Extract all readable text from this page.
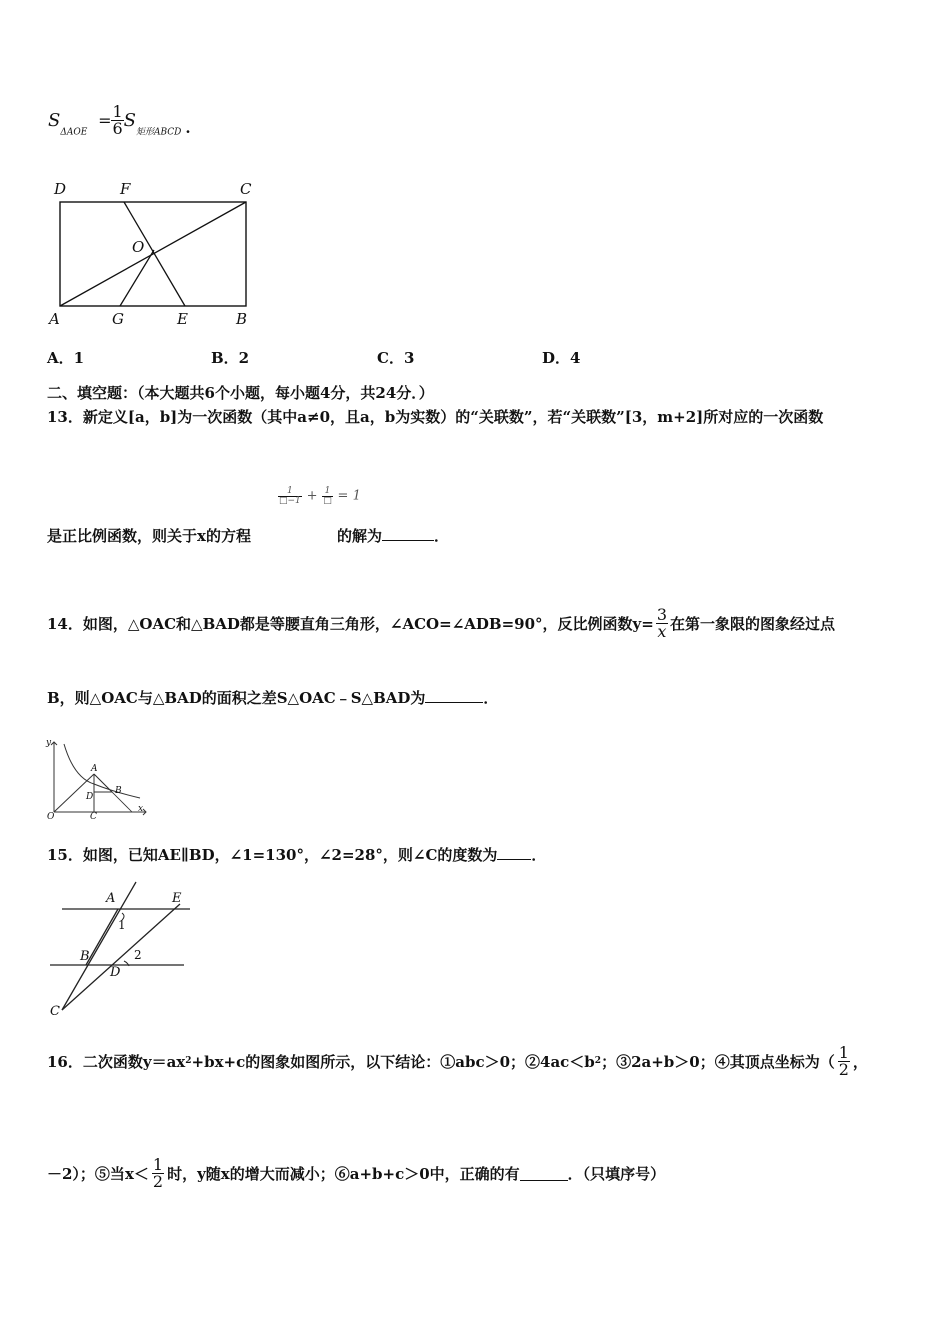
$S_{\Delta AOE} = \frac{1}{6} S_{矩形ABCD}$ .
D	F	C
O
A	G	E	B
A．1	B．2	C．3	D．4
二、填空题：（本大题共6个小题，每小题4分，共24分．）
13．新定义[a，b]为一次函数（其中a≠0，且a，b为实数）的“关联数”，若“关联数”[3，m+2]所对应的一次函数
$\frac{1}{□-1} + \frac{1}{□} = 1$
是正比例函数，则关于x的方程	的解为	．
14．如图，△OAC和△BAD都是等腰直角三角形，∠ACO=∠ADB=90°，反比例函数$y= \frac{3}{x}$ 在第一象限的图象经过点
B，则△OAC与△BAD的面积之差S△OAC﹣S△BAD为	．
y
A
B
D
O	C
x
15．如图，已知AE∥BD，∠1=130°，∠2=28°，则∠C的度数为 ．
A	E
1
B	2
D
C
16．二次函数y＝ax 2 +bx+c的图象如图所示，以下结论：①abc＞0；②4ac＜b 2 ；③2a+b＞0；④其顶点坐标为（ $\frac{1}{2}$ ，
－2）；⑤当$x< \frac{1}{2}$ 时，y随x的增大而减小；⑥a+b+c＞0中，正确的有	．（只填序号）
